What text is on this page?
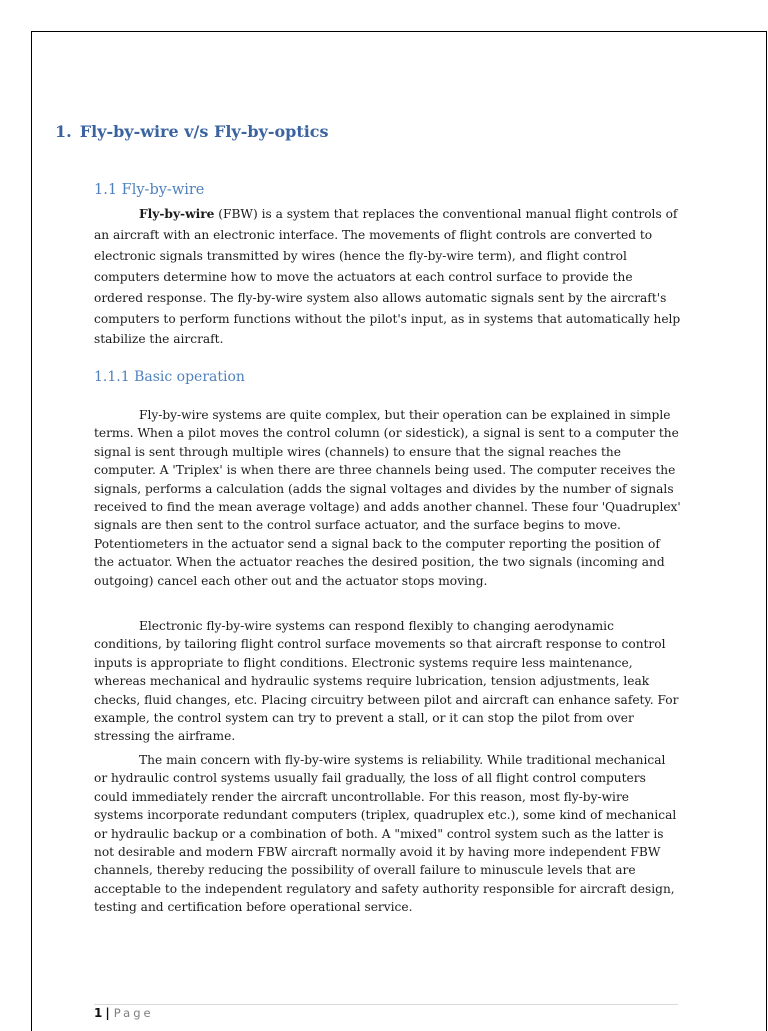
1. Fly-by-wire v/s Fly-by-optics
1.1 Fly-by-wire

Fly-by-wire (FBW) is a system that replaces the conventional manual flight controls of an aircraft with an electronic interface. The movements of flight controls are converted to electronic signals transmitted by wires (hence the fly-by-wire term), and flight control computers determine how to move the actuators at each control surface to provide the ordered response. The fly-by-wire system also allows automatic signals sent by the aircraft's computers to perform functions without the pilot's input, as in systems that automatically help stabilize the aircraft.

1.1.1 Basic operation

Fly-by-wire systems are quite complex, but their operation can be explained in simple terms. When a pilot moves the control column (or sidestick), a signal is sent to a computer the signal is sent through multiple wires (channels) to ensure that the signal reaches the computer. A 'Triplex' is when there are three channels being used. The computer receives the signals, performs a calculation (adds the signal voltages and divides by the number of signals received to find the mean average voltage) and adds another channel. These four 'Quadruplex' signals are then sent to the control surface actuator, and the surface begins to move. Potentiometers in the actuator send a signal back to the computer reporting the position of the actuator. When the actuator reaches the desired position, the two signals (incoming and outgoing) cancel each other out and the actuator stops moving.

Electronic fly-by-wire systems can respond flexibly to changing aerodynamic conditions, by tailoring flight control surface movements so that aircraft response to control inputs is appropriate to flight conditions. Electronic systems require less maintenance, whereas mechanical and hydraulic systems require lubrication, tension adjustments, leak checks, fluid changes, etc. Placing circuitry between pilot and aircraft can enhance safety. For example, the control system can try to prevent a stall, or it can stop the pilot from over stressing the airframe.

The main concern with fly-by-wire systems is reliability. While traditional mechanical or hydraulic control systems usually fail gradually, the loss of all flight control computers could immediately render the aircraft uncontrollable. For this reason, most fly-by-wire systems incorporate redundant computers (triplex, quadruplex etc.), some kind of mechanical or hydraulic backup or a combination of both. A "mixed" control system such as the latter is not desirable and modern FBW aircraft normally avoid it by having more independent FBW channels, thereby reducing the possibility of overall failure to minuscule levels that are acceptable to the independent regulatory and safety authority responsible for aircraft design, testing and certification before operational service.

1 | Page
